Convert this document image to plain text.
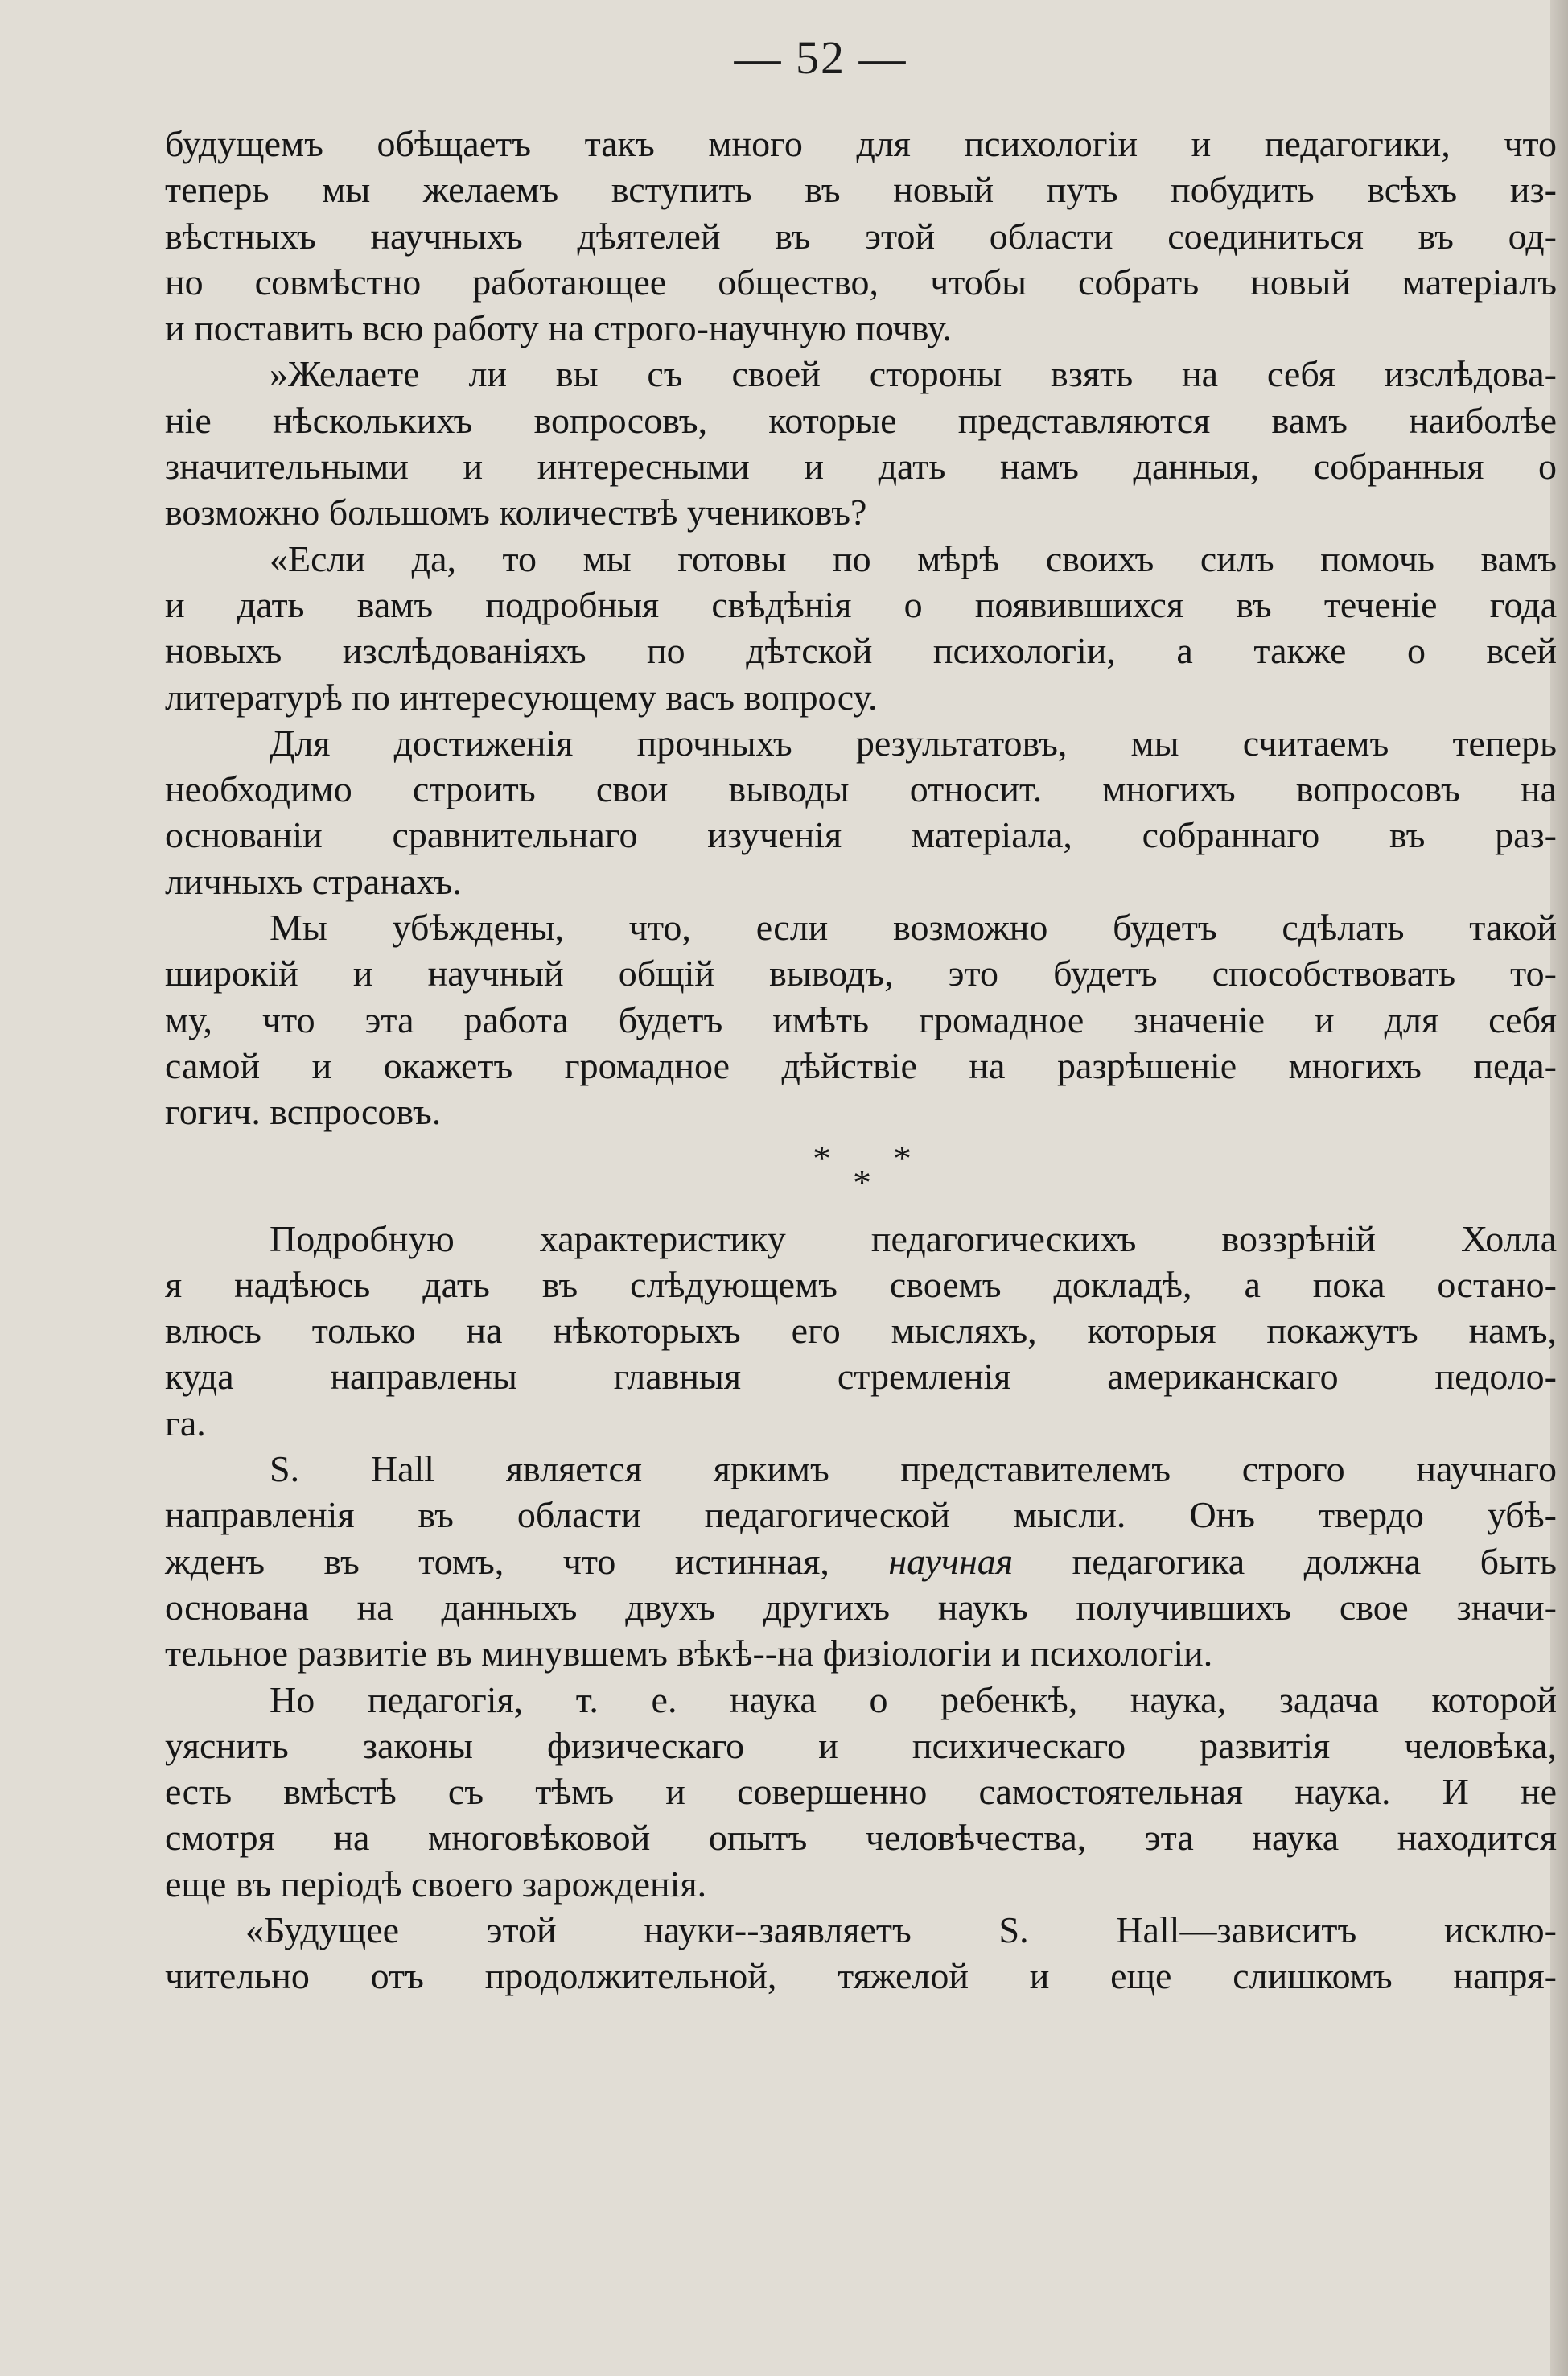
— 52 —
будущемъ обѣщаетъ такъ много для психологіи и педагогики, что
теперь мы желаемъ вступить въ новый путь побудить всѣхъ из-
вѣстныхъ научныхъ дѣятелей въ этой области соединиться въ од-
но совмѣстно работающее общество, чтобы собрать новый матеріалъ
и поставить всю работу на строго-научную почву.
»Желаете ли вы съ своей стороны взять на себя изслѣдова-
ніе нѣсколькихъ вопросовъ, которые представляются вамъ наиболѣе
значительными и интересными и дать намъ данныя, собранныя о
возможно большомъ количествѣ учениковъ?
«Если да, то мы готовы по мѣрѣ своихъ силъ помочь вамъ
и дать вамъ подробныя свѣдѣнія о появившихся въ теченіе года
новыхъ изслѣдованіяхъ по дѣтской психологіи, а также о всей
литературѣ по интересующему васъ вопросу.
Для достиженія прочныхъ результатовъ, мы считаемъ теперь
необходимо строить свои выводы относит. многихъ вопросовъ на
основаніи сравнительнаго изученія матеріала, собраннаго въ раз-
личныхъ странахъ.
Мы убѣждены, что, если возможно будетъ сдѣлать такой
широкій и научный общій выводъ, это будетъ способствовать то-
му, что эта работа будетъ имѣть громадное значеніе и для себя
самой и окажетъ громадное дѣйствіе на разрѣшеніе многихъ педа-
гогич. вспросовъ.
* *
*
Подробную характеристику педагогическихъ воззрѣній Холла
я надѣюсь дать въ слѣдующемъ своемъ докладѣ, а пока остано-
влюсь только на нѣкоторыхъ его мысляхъ, которыя покажутъ намъ,
куда направлены главныя стремленія американскаго педоло-
га.
S. Hall является яркимъ представителемъ строго научнаго
направленія въ области педагогической мысли. Онъ твердо убѣ-
жденъ въ томъ, что истинная, научная педагогика должна быть
основана на данныхъ двухъ другихъ наукъ получившихъ свое значи-
тельное развитіе въ минувшемъ вѣкѣ--на физіологіи и психологіи.
Но педагогія, т. е. наука о ребенкѣ, наука, задача которой
уяснить законы физическаго и психическаго развитія человѣка,
есть вмѣстѣ съ тѣмъ и совершенно самостоятельная наука. И не
смотря на многовѣковой опытъ человѣчества, эта наука находится
еще въ періодѣ своего зарожденія.
«Будущее этой науки--заявляетъ S. Hall—зависитъ исклю-
чительно отъ продолжительной, тяжелой и еще слишкомъ напря-
